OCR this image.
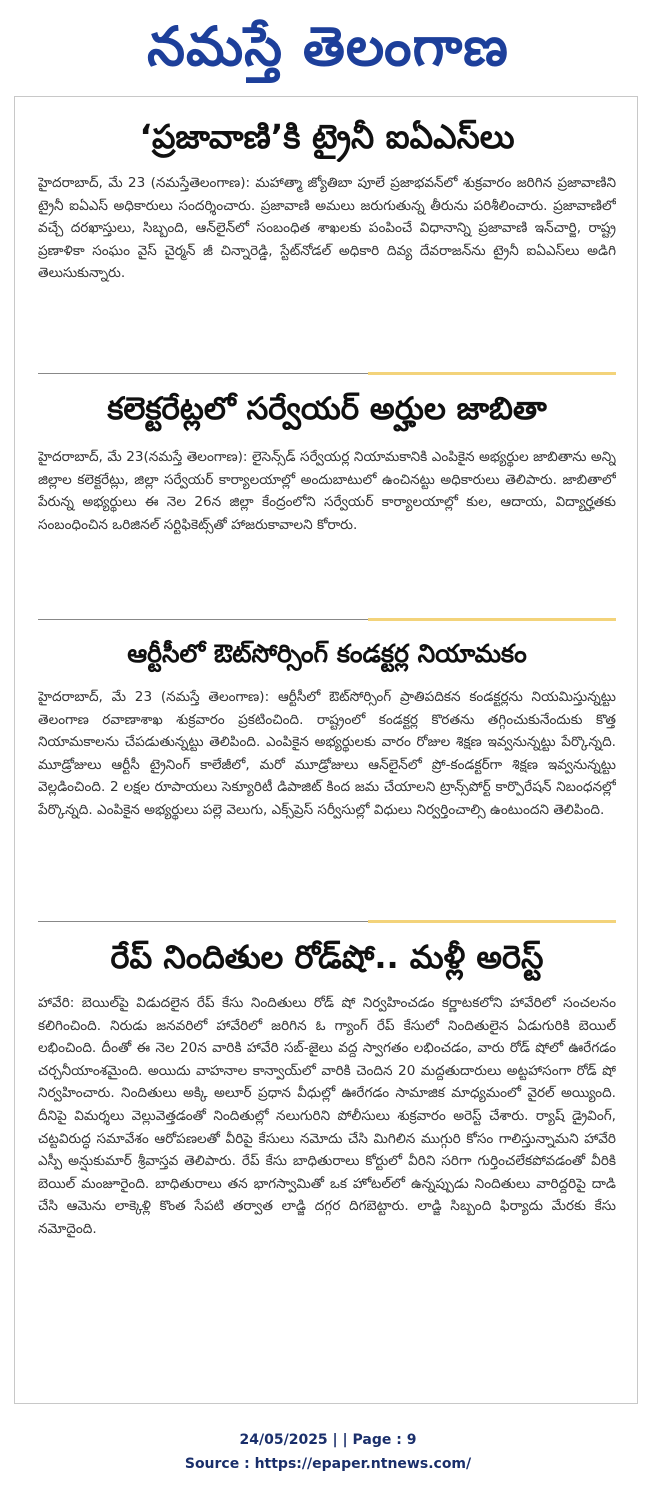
నమస్తే తెలంగాణ
‘ప్రజావాణి’కి ట్రైనీ ఐఏఎస్‌లు

హైదరాబాద్, మే 23 (నమస్తేతెలంగాణ): మహాత్మా జ్యోతిబా పూలే ప్రజాభవన్‌లో శుక్రవారం జరిగిన ప్రజావాణిని ట్రైనీ ఐఏఎస్ అధికారులు సందర్శించారు. ప్రజావాణి అమలు జరుగుతున్న తీరును పరిశీలించారు. ప్రజావాణిలో వచ్చే దరఖాస్తులు, సిబ్బంది, ఆన్‌లైన్‌లో సంబంధిత శాఖలకు పంపించే విధానాన్ని ప్రజావాణి ఇన్‌చార్జి, రాష్ట్ర ప్రణాళికా సంఘం వైస్ చైర్మన్ జీ చిన్నారెడ్డి, స్టేట్‌నోడల్ అధికారి దివ్య దేవరాజన్‌ను ట్రైనీ ఐఏఎస్‌లు అడిగి తెలుసుకున్నారు.

కలెక్టరేట్లలో సర్వేయర్ అర్హుల జాబితా

హైదరాబాద్, మే 23(నమస్తే తెలంగాణ): లైసెన్స్‌డ్ సర్వేయర్ల నియామకానికి ఎంపికైన అభ్యర్థుల జాబితాను అన్ని జిల్లాల కలెక్టరేట్లు, జిల్లా సర్వేయర్ కార్యాలయాల్లో అందుబాటులో ఉంచినట్టు అధికారులు తెలిపారు. జాబితాలో పేరున్న అభ్యర్థులు ఈ నెల 26న జిల్లా కేంద్రంలోని సర్వేయర్ కార్యాలయాల్లో కుల, ఆదాయ, విద్యార్హతకు సంబంధించిన ఒరిజినల్ సర్టిఫికెట్స్‌తో హాజరుకావాలని కోరారు.

ఆర్టీసీలో ఔట్‌సోర్సింగ్ కండక్టర్ల నియామకం

హైదరాబాద్, మే 23 (నమస్తే తెలంగాణ): ఆర్టీసీలో ఔట్‌సోర్సింగ్ ప్రాతిపదికన కండక్టర్లను నియమిస్తున్నట్టు తెలంగాణ రవాణాశాఖ శుక్రవారం ప్రకటించింది. రాష్ట్రంలో కండక్టర్ల కొరతను తగ్గించుకునేందుకు కొత్త నియామకాలను చేపడుతున్నట్టు తెలిపింది. ఎంపికైన అభ్యర్థులకు వారం రోజుల శిక్షణ ఇవ్వనున్నట్టు పేర్కొన్నది. మూడ్రోజులు ఆర్టీసీ ట్రైనింగ్ కాలేజీలో, మరో మూడ్రోజులు ఆన్‌లైన్‌లో ప్రో-కండక్టర్‌గా శిక్షణ ఇవ్వనున్నట్టు వెల్లడించింది. 2 లక్షల రూపాయలు సెక్యూరిటీ డిపాజిట్ కింద జమ చేయాలని ట్రాన్స్‌పోర్ట్ కార్పొరేషన్ నిబంధనల్లో పేర్కొన్నది. ఎంపికైన అభ్యర్థులు పల్లె వెలుగు, ఎక్స్‌ప్రెస్ సర్వీసుల్లో విధులు నిర్వర్తించాల్సి ఉంటుందని తెలిపింది.

రేప్ నిందితుల రోడ్‌షో.. మళ్లీ అరెస్ట్

హావేరి: బెయిల్‌పై విడుదలైన రేప్ కేసు నిందితులు రోడ్ షో నిర్వహించడం కర్ణాటకలోని హావేరిలో సంచలనం కలిగించింది. నిరుడు జనవరిలో హావేరిలో జరిగిన ఓ గ్యాంగ్ రేప్ కేసులో నిందితులైన ఏడుగురికి బెయిల్ లభించింది. దీంతో ఈ నెల 20న వారికి హావేరి సబ్-జైలు వద్ద స్వాగతం లభించడం, వారు రోడ్ షోలో ఊరేగడం చర్చనీయాంశమైంది. అయిదు వాహనాల కాన్వాయ్‌లో వారికి చెందిన 20 మద్దతుదారులు అట్టహాసంగా రోడ్ షో నిర్వహించారు. నిందితులు అక్కి అలూర్ ప్రధాన వీధుల్లో ఊరేగడం సామాజిక మాధ్యమంలో వైరల్ అయ్యింది. దీనిపై విమర్శలు వెల్లువెత్తడంతో నిందితుల్లో నలుగురిని పోలీసులు శుక్రవారం అరెస్ట్ చేశారు. ర్యాష్ డ్రైవింగ్, చట్టవిరుద్ధ సమావేశం ఆరోపణలతో వీరిపై కేసులు నమోదు చేసి మిగిలిన ముగ్గురి కోసం గాలిస్తున్నామని హావేరి ఎస్పీ అన్షుకుమార్ శ్రీవాస్తవ తెలిపారు. రేప్ కేసు బాధితురాలు కోర్టులో వీరిని సరిగా గుర్తించలేకపోవడంతో వీరికి బెయిల్ మంజూరైంది. బాధితురాలు తన భాగస్వామితో ఒక హోటల్‌లో ఉన్నప్పుడు నిందితులు వారిద్దరిపై దాడి చేసి ఆమెను లాక్కెళ్లి కొంత సేపటి తర్వాత లాడ్జి దగ్గర దిగబెట్టారు. లాడ్జి సిబ్బంది ఫిర్యాదు మేరకు కేసు నమోదైంది.

24/05/2025 | | Page : 9
Source : https://epaper.ntnews.com/
